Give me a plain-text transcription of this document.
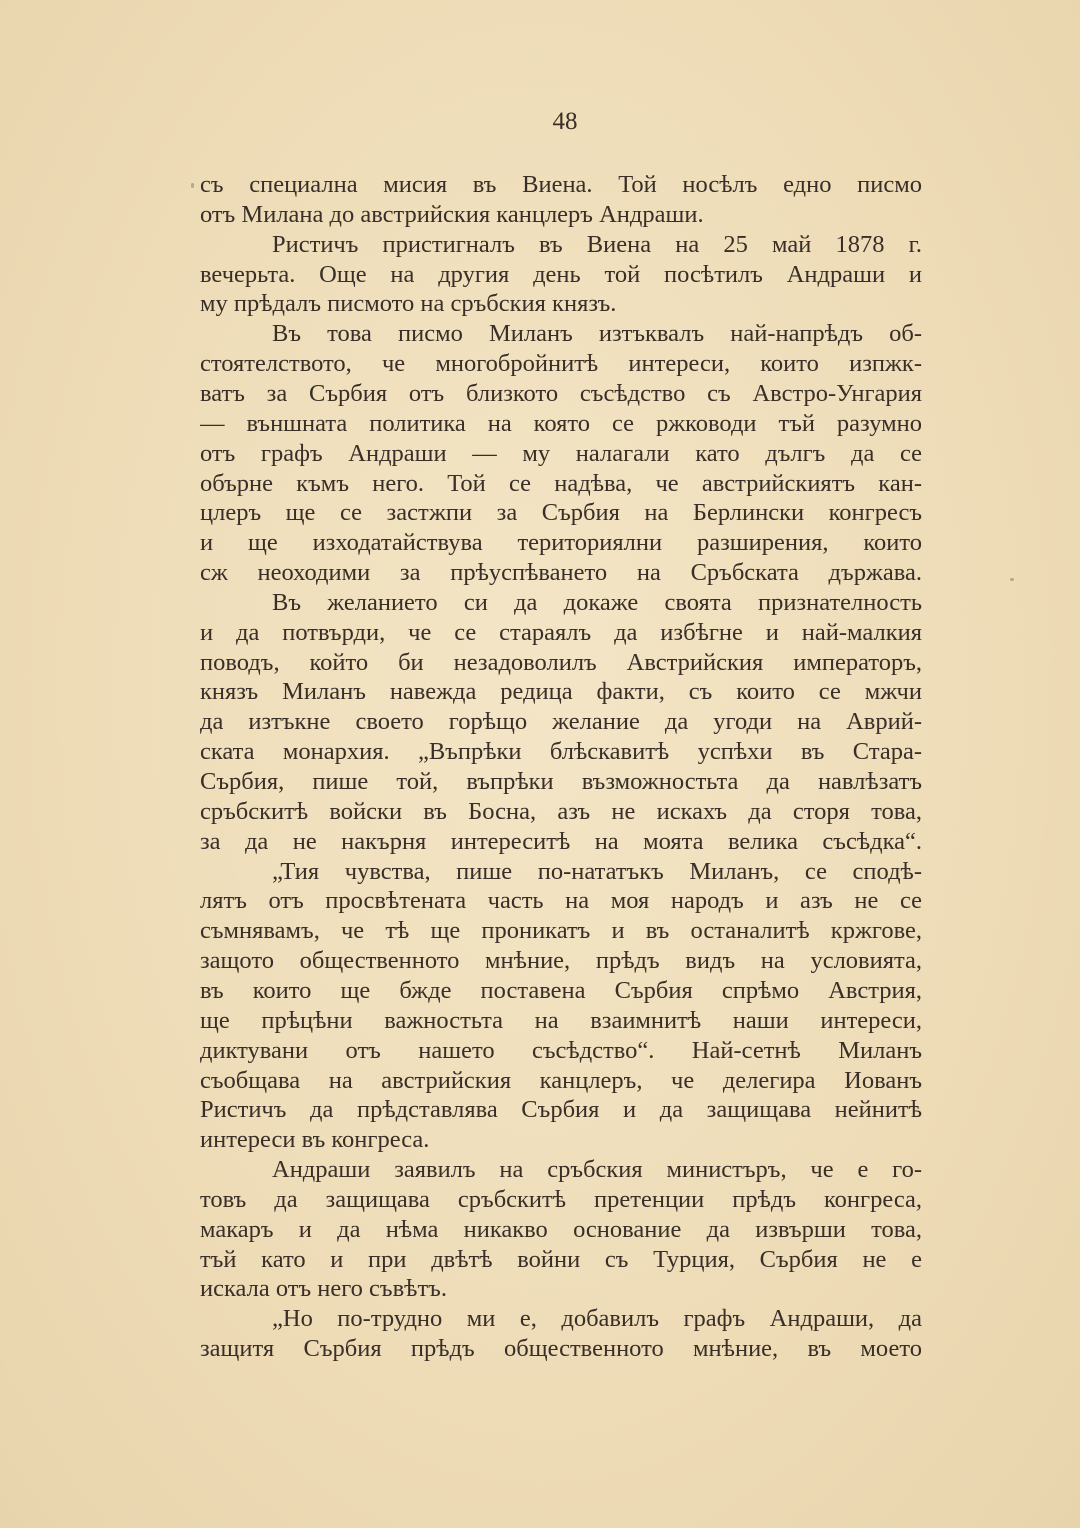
48
съ специална мисия въ Виена. Той носѣлъ едно писмо
отъ Милана до австрийския канцлеръ Андраши.
Ристичъ пристигналъ въ Виена на 25 май 1878 г.
вечерьта. Още на другия день той посѣтилъ Андраши и
му прѣдалъ писмото на сръбския князъ.
Въ това писмо Миланъ изтъквалъ най-напрѣдъ об-
стоятелството, че многобройнитѣ интереси, които изпжк-
ватъ за Сърбия отъ близкото съсѣдство съ Австро-Унгария
— външната политика на която се ржководи тъй разумно
отъ графъ Андраши — му налагали като дългъ да се
обърне къмъ него. Той се надѣва, че австрийскиятъ кан-
цлеръ ще се застжпи за Сърбия на Берлински конгресъ
и ще изходатайствува териториялни разширения, които
сж неоходими за прѣуспѣването на Сръбската държава.
Въ желанието си да докаже своята признателность
и да потвърди, че се стараялъ да избѣгне и най-малкия
поводъ, който би незадоволилъ Австрийския императоръ,
князъ Миланъ навежда редица факти, съ които се мжчи
да изтъкне своето горѣщо желание да угоди на Аврий-
ската монархия. „Въпрѣки блѣскавитѣ успѣхи въ Стара-
Сърбия, пише той, въпрѣки възможностьта да навлѣзатъ
сръбскитѣ войски въ Босна, азъ не искахъ да сторя това,
за да не накърня интереситѣ на моята велика съсѣдка“.
„Тия чувства, пише по-нататъкъ Миланъ, се сподѣ-
лятъ отъ просвѣтената часть на моя народъ и азъ не се
съмнявамъ, че тѣ ще проникатъ и въ останалитѣ кржгове,
защото общественното мнѣние, прѣдъ видъ на условията,
въ които ще бжде поставена Сърбия спрѣмо Австрия,
ще прѣцѣни важностьта на взаимнитѣ наши интереси,
диктувани отъ нашето съсѣдство“. Най-сетнѣ Миланъ
съобщава на австрийския канцлеръ, че делегира Иованъ
Ристичъ да прѣдставлява Сърбия и да защищава нейнитѣ
интереси въ конгреса.
Андраши заявилъ на сръбския министъръ, че е го-
товъ да защищава сръбскитѣ претенции прѣдъ конгреса,
макаръ и да нѣма никакво основание да извърши това,
тъй като и при двѣтѣ войни съ Турция, Сърбия не е
искала отъ него съвѣтъ.
„Но по-трудно ми е, добавилъ графъ Андраши, да
защитя Сърбия прѣдъ общественното мнѣние, въ моето
